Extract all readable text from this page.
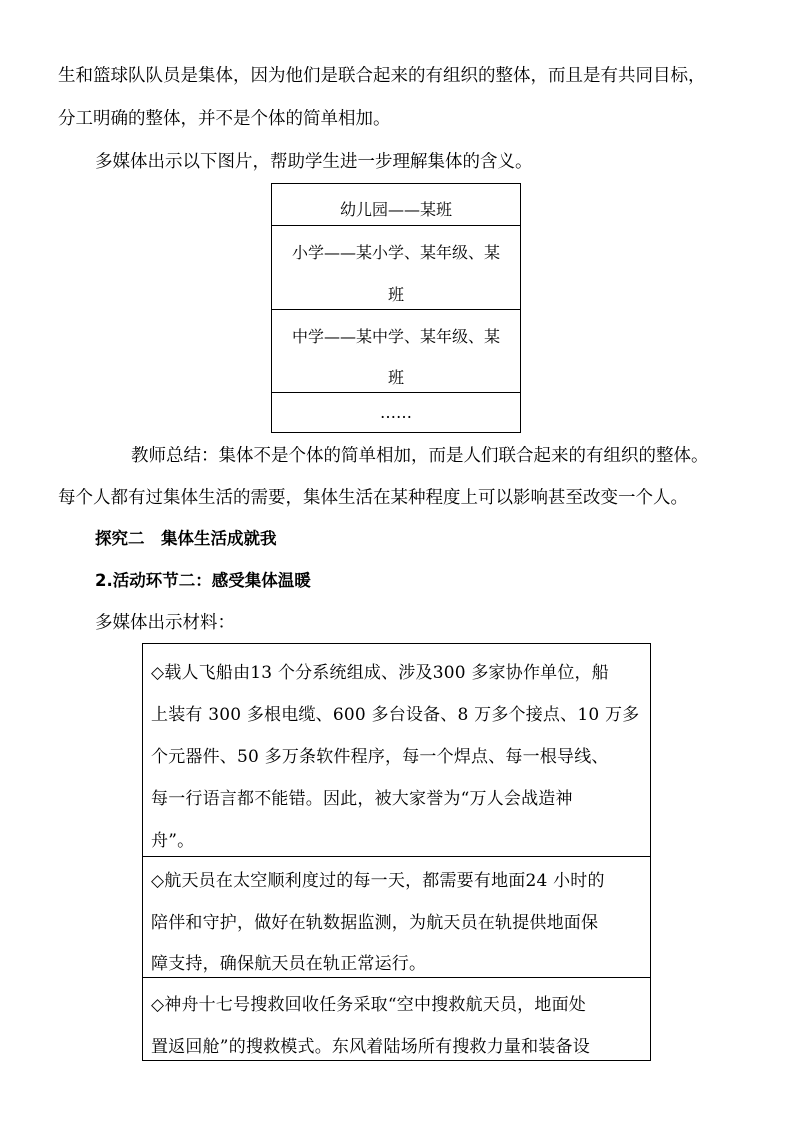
生和篮球队队员是集体，因为他们是联合起来的有组织的整体，而且是有共同目标，
分工明确的整体，并不是个体的简单相加。
多媒体出示以下图片，帮助学生进一步理解集体的含义。
幼儿园——某班
小学——某小学、某年级、某
班
中学——某中学、某年级、某
班
……
教师总结：集体不是个体的简单相加，而是人们联合起来的有组织的整体。
每个人都有过集体生活的需要，集体生活在某种程度上可以影响甚至改变一个人。
探究二　集体生活成就我
2.活动环节二：感受集体温暖
多媒体出示材料：
◇载人飞船由13 个分系统组成、涉及300 多家协作单位，船
上装有 300 多根电缆、600 多台设备、8 万多个接点、10 万多
个元器件、50 多万条软件程序，每一个焊点、每一根导线、
每一行语言都不能错。因此，被大家誉为“万人会战造神
舟”。
◇航天员在太空顺利度过的每一天，都需要有地面24 小时的
陪伴和守护，做好在轨数据监测，为航天员在轨提供地面保
障支持，确保航天员在轨正常运行。
◇神舟十七号搜救回收任务采取“空中搜救航天员，地面处
置返回舱”的搜救模式。东风着陆场所有搜救力量和装备设
